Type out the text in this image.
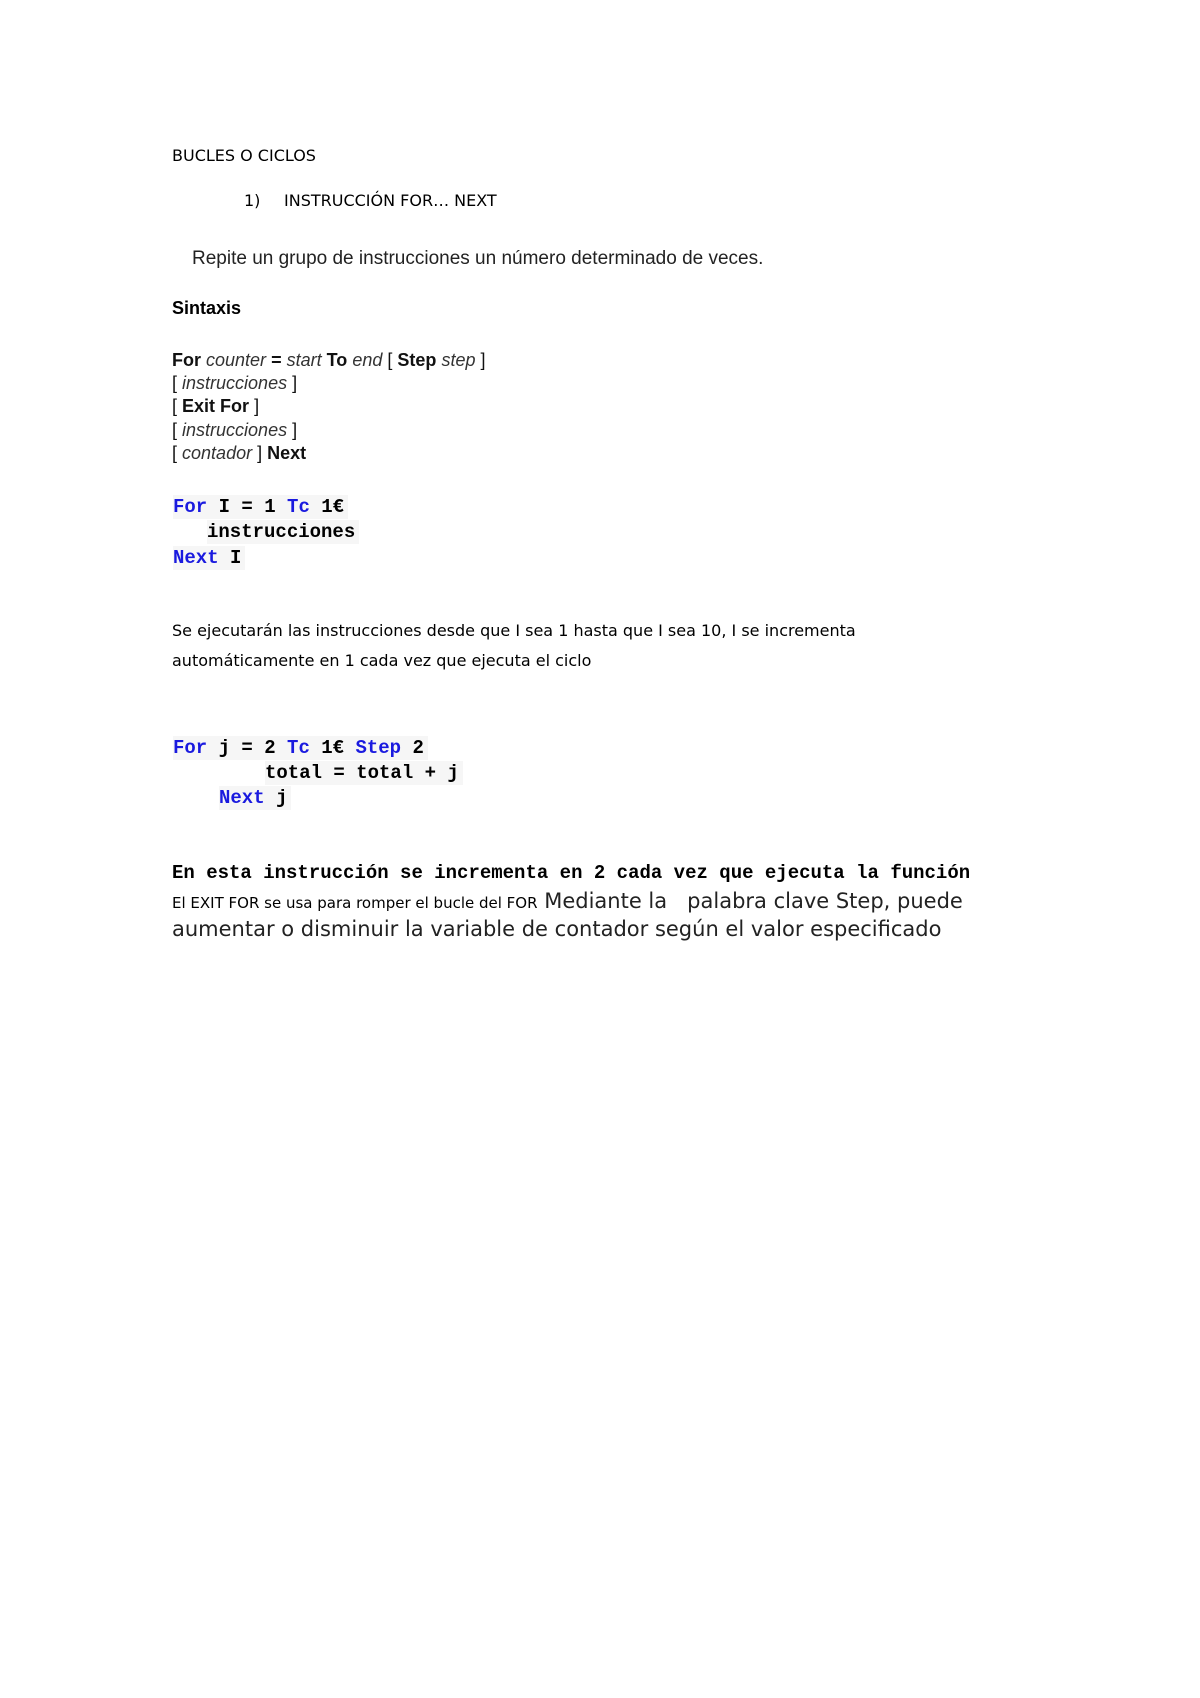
BUCLES O CICLOS
1) INSTRUCCIÓN FOR… NEXT
Repite un grupo de instrucciones un número determinado de veces.
Sintaxis
For counter = start To end [ Step step ]
[ instrucciones ]
[ Exit For ]
[ instrucciones ]
[ contador ] Next
For I = 1 Tc 1€
instrucciones
Next I
Se ejecutarán las instrucciones desde que I sea 1 hasta que I sea 10, I se incrementa automáticamente en 1 cada vez que ejecuta el ciclo
For j = 2 Tc 1€ Step 2
total = total + j
Next j
En esta instrucción se incrementa en 2 cada vez que ejecuta la función
El EXIT FOR se usa para romper el bucle del FOR Mediante la   palabra clave Step, puede aumentar o disminuir la variable de contador según el valor especificado
